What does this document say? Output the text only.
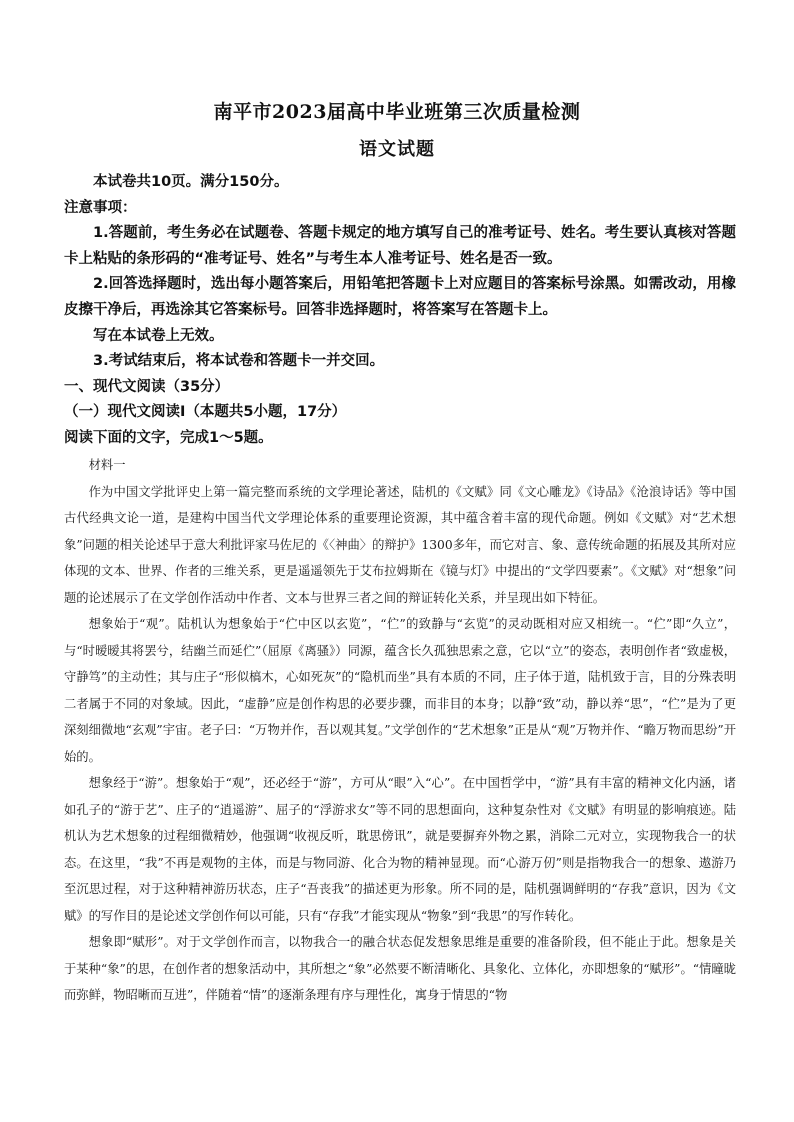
南平市2023届高中毕业班第三次质量检测
语文试题

本试卷共10页。满分150分。

注意事项：

1.答题前，考生务必在试题卷、答题卡规定的地方填写自己的准考证号、姓名。考生要认真核对答题卡上粘贴的条形码的“准考证号、姓名”与考生本人准考证号、姓名是否一致。

2.回答选择题时，选出每小题答案后，用铅笔把答题卡上对应题目的答案标号涂黑。如需改动，用橡皮擦干净后，再选涂其它答案标号。回答非选择题时，将答案写在答题卡上。

写在本试卷上无效。

3.考试结束后，将本试卷和答题卡一并交回。

一、现代文阅读（35分）

（一）现代文阅读Ⅰ（本题共5小题，17分）

阅读下面的文字，完成1～5题。

材料一

作为中国文学批评史上第一篇完整而系统的文学理论著述，陆机的《文赋》同《文心雕龙》《诗品》《沧浪诗话》等中国古代经典文论一道，是建构中国当代文学理论体系的重要理论资源，其中蕴含着丰富的现代命题。例如《文赋》对“艺术想象”问题的相关论述早于意大利批评家马佐尼的《〈神曲〉的辩护》1300多年，而它对言、象、意传统命题的拓展及其所对应体现的文本、世界、作者的三维关系，更是遥遥领先于艾布拉姆斯在《镜与灯》中提出的“文学四要素”。《文赋》对“想象”问题的论述展示了在文学创作活动中作者、文本与世界三者之间的辩证转化关系，并呈现出如下特征。

想象始于“观”。陆机认为想象始于“伫中区以玄览”，“伫”的致静与“玄览”的灵动既相对应又相统一。“伫”即“久立”，与“时暧暧其将罢兮，结幽兰而延伫”（屈原《离骚》）同源，蕴含长久孤独思索之意，它以“立”的姿态，表明创作者“致虚极，守静笃”的主动性；其与庄子“形似槁木，心如死灰”的“隐机而坐”具有本质的不同，庄子体于道，陆机致于言，目的分殊表明二者属于不同的对象域。因此，“虚静”应是创作构思的必要步骤，而非目的本身；以静“致”动，静以养“思”，“伫”是为了更深刻细微地“玄观”宇宙。老子曰：“万物并作，吾以观其复。”文学创作的“艺术想象”正是从“观”万物并作、“瞻万物而思纷”开始的。

想象经于“游”。想象始于“观”，还必经于“游”，方可从“眼”入“心”。在中国哲学中，“游”具有丰富的精神文化内涵，诸如孔子的“游于艺”、庄子的“逍遥游”、屈子的“浮游求女”等不同的思想面向，这种复杂性对《文赋》有明显的影响痕迹。陆机认为艺术想象的过程细微精妙，他强调“收视反听，耽思傍讯”，就是要摒弃外物之累，消除二元对立，实现物我合一的状态。在这里，“我”不再是观物的主体，而是与物同游、化合为物的精神显现。而“心游万仞”则是指物我合一的想象、遨游乃至沉思过程，对于这种精神游历状态，庄子“吾丧我”的描述更为形象。所不同的是，陆机强调鲜明的“存我”意识，因为《文赋》的写作目的是论述文学创作何以可能，只有“存我”才能实现从“物象”到“我思”的写作转化。

想象即“赋形”。对于文学创作而言，以物我合一的融合状态促发想象思维是重要的准备阶段，但不能止于此。想象是关于某种“象”的思，在创作者的想象活动中，其所想之“象”必然要不断清晰化、具象化、立体化，亦即想象的“赋形”。“情曈昽而弥鲜，物昭晰而互进”，伴随着“情”的逐渐条理有序与理性化，寓身于情思的“物
